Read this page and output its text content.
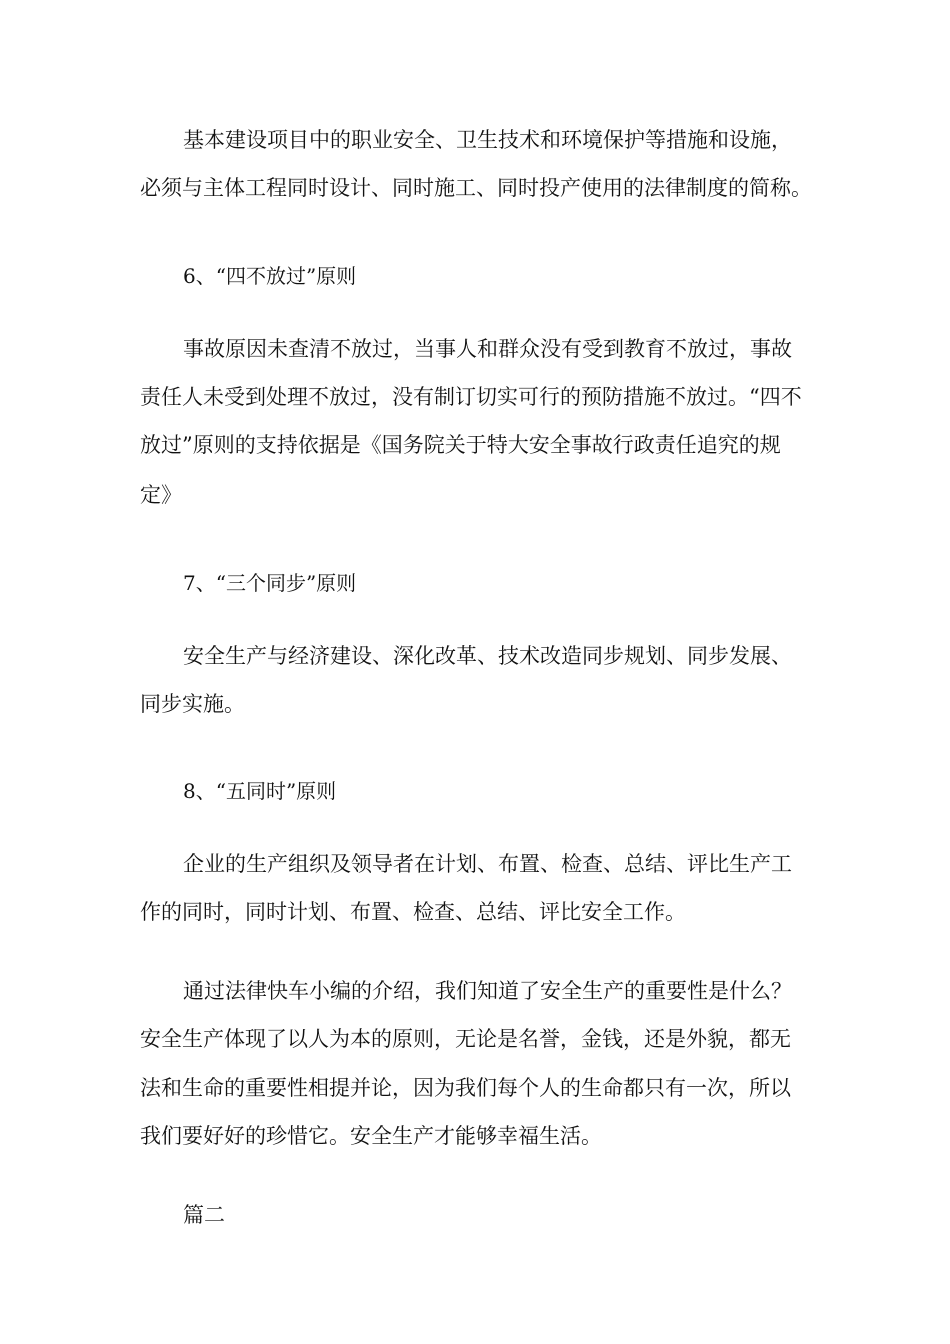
基本建设项目中的职业安全、卫生技术和环境保护等措施和设施，
必须与主体工程同时设计、同时施工、同时投产使用的法律制度的简称。
6、“四不放过”原则
事故原因未查清不放过，当事人和群众没有受到教育不放过，事故
责任人未受到处理不放过，没有制订切实可行的预防措施不放过。“四不
放过”原则的支持依据是《国务院关于特大安全事故行政责任追究的规
定》
7、“三个同步”原则
安全生产与经济建设、深化改革、技术改造同步规划、同步发展、
同步实施。
8、“五同时”原则
企业的生产组织及领导者在计划、布置、检查、总结、评比生产工
作的同时，同时计划、布置、检查、总结、评比安全工作。
通过法律快车小编的介绍，我们知道了安全生产的重要性是什么？
安全生产体现了以人为本的原则，无论是名誉，金钱，还是外貌，都无
法和生命的重要性相提并论，因为我们每个人的生命都只有一次，所以
我们要好好的珍惜它。安全生产才能够幸福生活。
篇二
